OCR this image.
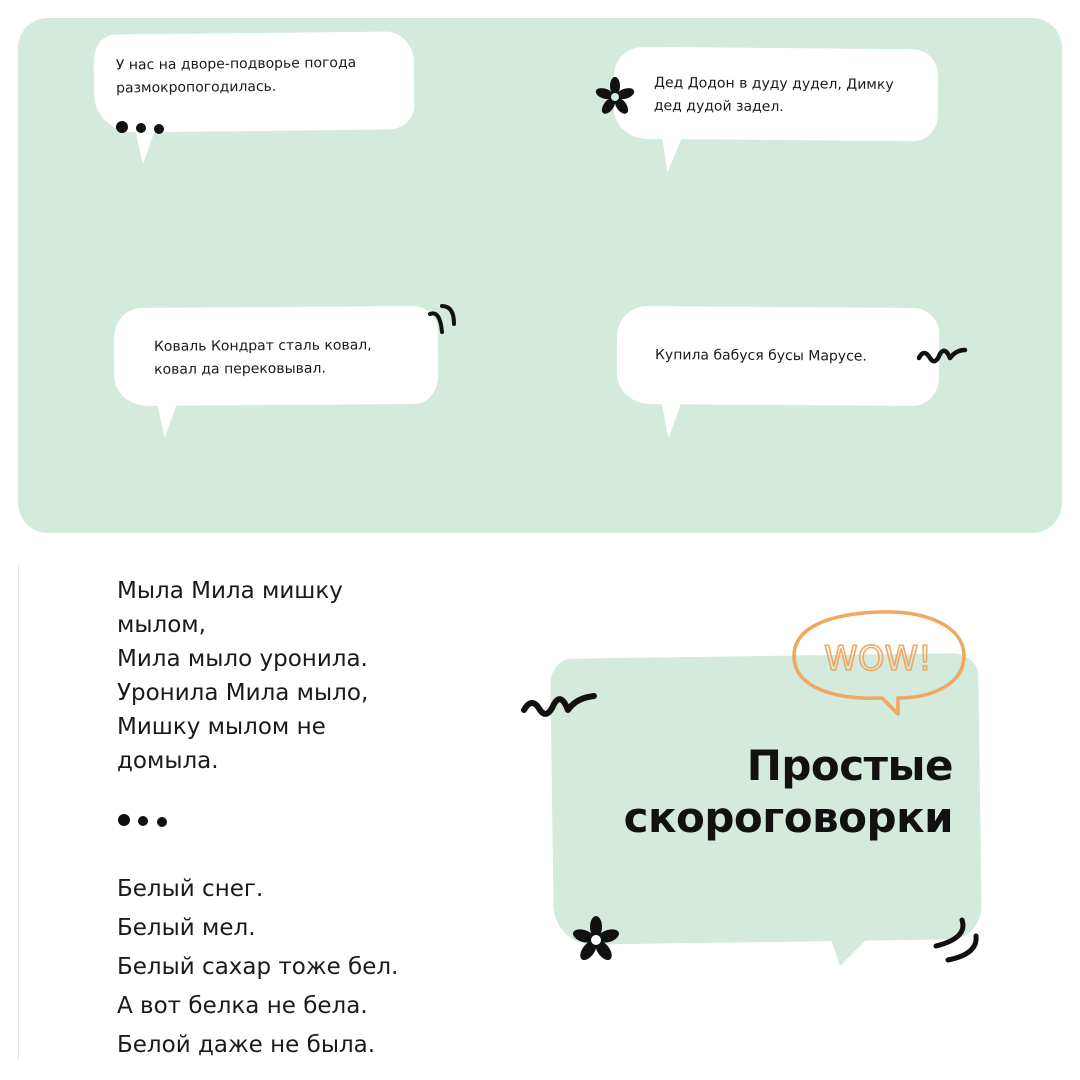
У нас на дворе-подворье погода
размокропогодилась.	Дед Додон в дуду дудел, Димку
дед дудой задел.
Коваль Кондрат сталь ковал,
ковал да перековывал.
Купила бабуся бусы Марусе.
Мыла Мила мишку
мылом,
Мила мыло уронила.
Уронила Мила мыло,
Мишку мылом не
домыла.
Белый снег.
Белый мел.
Белый сахар тоже бел.
А вот белка не бела.
Белой даже не была.
Простые
скороговорки
WOW!
